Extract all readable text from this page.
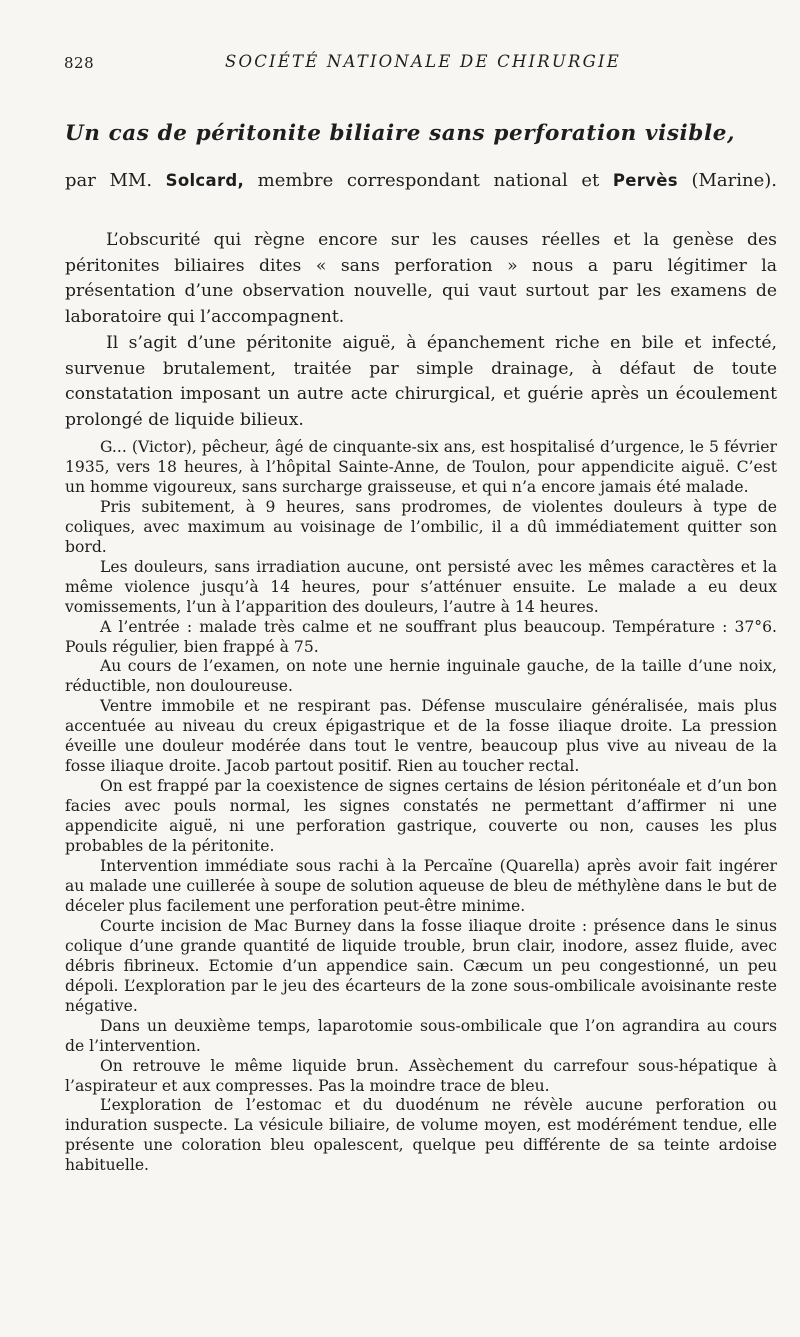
828	SOCIÉTÉ NATIONALE DE CHIRURGIE
Un cas de péritonite biliaire sans perforation visible,
par MM. Solcard, membre correspondant national et Pervès (Marine).

L’obscurité qui règne encore sur les causes réelles et la genèse des péritonites biliaires dites « sans perforation » nous a paru légitimer la présentation d’une observation nouvelle, qui vaut surtout par les examens de laboratoire qui l’accompagnent.

Il s’agit d’une péritonite aiguë, à épanchement riche en bile et infecté, survenue brutalement, traitée par simple drainage, à défaut de toute constatation imposant un autre acte chirurgical, et guérie après un écoulement prolongé de liquide bilieux.

G... (Victor), pêcheur, âgé de cinquante-six ans, est hospitalisé d’urgence, le 5 février 1935, vers 18 heures, à l’hôpital Sainte-Anne, de Toulon, pour appendicite aiguë. C’est un homme vigoureux, sans surcharge graisseuse, et qui n’a encore jamais été malade.

Pris subitement, à 9 heures, sans prodromes, de violentes douleurs à type de coliques, avec maximum au voisinage de l’ombilic, il a dû immédiatement quitter son bord.

Les douleurs, sans irradiation aucune, ont persisté avec les mêmes caractères et la même violence jusqu’à 14 heures, pour s’atténuer ensuite. Le malade a eu deux vomissements, l’un à l’apparition des douleurs, l’autre à 14 heures.

A l’entrée : malade très calme et ne souffrant plus beaucoup. Température : 37°6. Pouls régulier, bien frappé à 75.

Au cours de l’examen, on note une hernie inguinale gauche, de la taille d’une noix, réductible, non douloureuse.

Ventre immobile et ne respirant pas. Défense musculaire généralisée, mais plus accentuée au niveau du creux épigastrique et de la fosse iliaque droite. La pression éveille une douleur modérée dans tout le ventre, beaucoup plus vive au niveau de la fosse iliaque droite. Jacob partout positif. Rien au toucher rectal.

On est frappé par la coexistence de signes certains de lésion péritonéale et d’un bon facies avec pouls normal, les signes constatés ne permettant d’affirmer ni une appendicite aiguë, ni une perforation gastrique, couverte ou non, causes les plus probables de la péritonite.

Intervention immédiate sous rachi à la Percaïne (Quarella) après avoir fait ingérer au malade une cuillerée à soupe de solution aqueuse de bleu de méthylène dans le but de déceler plus facilement une perforation peut-être minime.

Courte incision de Mac Burney dans la fosse iliaque droite : présence dans le sinus colique d’une grande quantité de liquide trouble, brun clair, inodore, assez fluide, avec débris fibrineux. Ectomie d’un appendice sain. Cæcum un peu congestionné, un peu dépoli. L’exploration par le jeu des écarteurs de la zone sous-ombilicale avoisinante reste négative.

Dans un deuxième temps, laparotomie sous-ombilicale que l’on agrandira au cours de l’intervention.

On retrouve le même liquide brun. Assèchement du carrefour sous-hépatique à l’aspirateur et aux compresses. Pas la moindre trace de bleu.

L’exploration de l’estomac et du duodénum ne révèle aucune perforation ou induration suspecte. La vésicule biliaire, de volume moyen, est modérément tendue, elle présente une coloration bleu opalescent, quelque peu différente de sa teinte ardoise habituelle.
